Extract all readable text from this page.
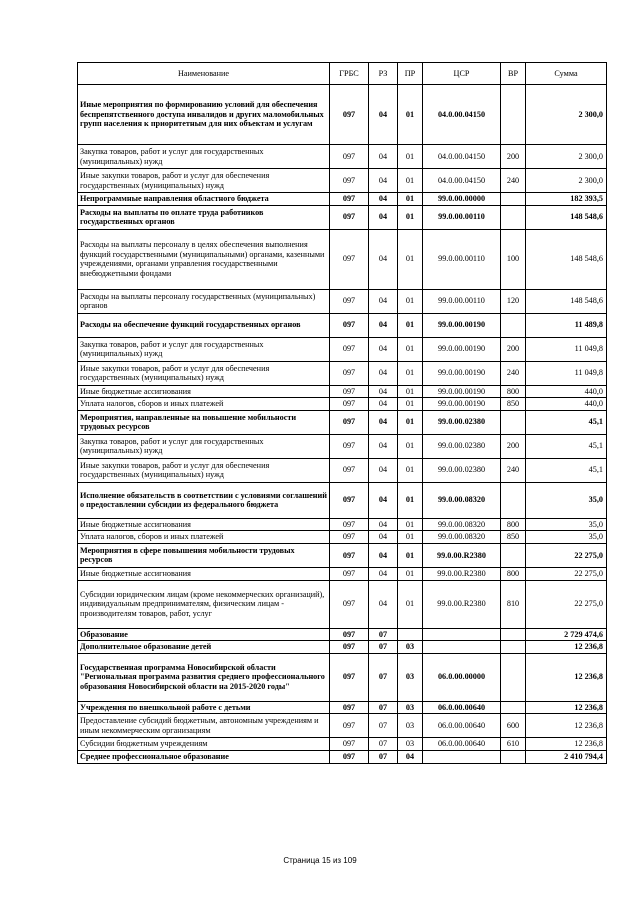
Наименование	ГРБС	РЗ	ПР	ЦСР	ВР	Сумма
Иные мероприятия по формированию условий для обеспечения беспрепятственного доступа инвалидов и других маломобильных групп населения к приоритетным для них объектам и услугам	097	04	01	04.0.00.04150		2 300,0
Закупка товаров, работ и услуг для государственных (муниципальных) нужд	097	04	01	04.0.00.04150	200	2 300,0
Иные закупки товаров, работ и услуг для обеспечения государственных (муниципальных) нужд	097	04	01	04.0.00.04150	240	2 300,0
Непрограммные направления областного бюджета	097	04	01	99.0.00.00000		182 393,5
Расходы на выплаты по оплате труда работников государственных органов	097	04	01	99.0.00.00110		148 548,6
Расходы на выплаты персоналу в целях обеспечения выполнения функций государственными (муниципальными) органами, казенными учреждениями, органами управления государственными внебюджетными фондами	097	04	01	99.0.00.00110	100	148 548,6
Расходы на выплаты персоналу государственных (муниципальных) органов	097	04	01	99.0.00.00110	120	148 548,6
Расходы на обеспечение функций государственных органов	097	04	01	99.0.00.00190		11 489,8
Закупка товаров, работ и услуг для государственных (муниципальных) нужд	097	04	01	99.0.00.00190	200	11 049,8
Иные закупки товаров, работ и услуг для обеспечения государственных (муниципальных) нужд	097	04	01	99.0.00.00190	240	11 049,8
Иные бюджетные ассигнования	097	04	01	99.0.00.00190	800	440,0
Уплата налогов, сборов и иных платежей	097	04	01	99.0.00.00190	850	440,0
Мероприятия, направленные на повышение мобильности трудовых ресурсов	097	04	01	99.0.00.02380		45,1
Закупка товаров, работ и услуг для государственных (муниципальных) нужд	097	04	01	99.0.00.02380	200	45,1
Иные закупки товаров, работ и услуг для обеспечения государственных (муниципальных) нужд	097	04	01	99.0.00.02380	240	45,1
Исполнение обязательств в соответствии с условиями соглашений о предоставлении субсидии из федерального бюджета	097	04	01	99.0.00.08320		35,0
Иные бюджетные ассигнования	097	04	01	99.0.00.08320	800	35,0
Уплата налогов, сборов и иных платежей	097	04	01	99.0.00.08320	850	35,0
Мероприятия в сфере повышения мобильности трудовых ресурсов	097	04	01	99.0.00.R2380		22 275,0
Иные бюджетные ассигнования	097	04	01	99.0.00.R2380	800	22 275,0
Субсидии юридическим лицам (кроме некоммерческих организаций), индивидуальным предпринимателям, физическим лицам - производителям товаров, работ, услуг	097	04	01	99.0.00.R2380	810	22 275,0
Образование	097	07				2 729 474,6
Дополнительное образование детей	097	07	03			12 236,8
Государственная программа Новосибирской области "Региональная программа развития среднего профессионального образования Новосибирской области на 2015-2020 годы"	097	07	03	06.0.00.00000		12 236,8
Учреждения по внешкольной работе с детьми	097	07	03	06.0.00.00640		12 236,8
Предоставление субсидий бюджетным, автономным учреждениям и иным некоммерческим организациям	097	07	03	06.0.00.00640	600	12 236,8
Субсидии бюджетным учреждениям	097	07	03	06.0.00.00640	610	12 236,8
Среднее профессиональное образование	097	07	04			2 410 794,4
Страница 15 из 109
